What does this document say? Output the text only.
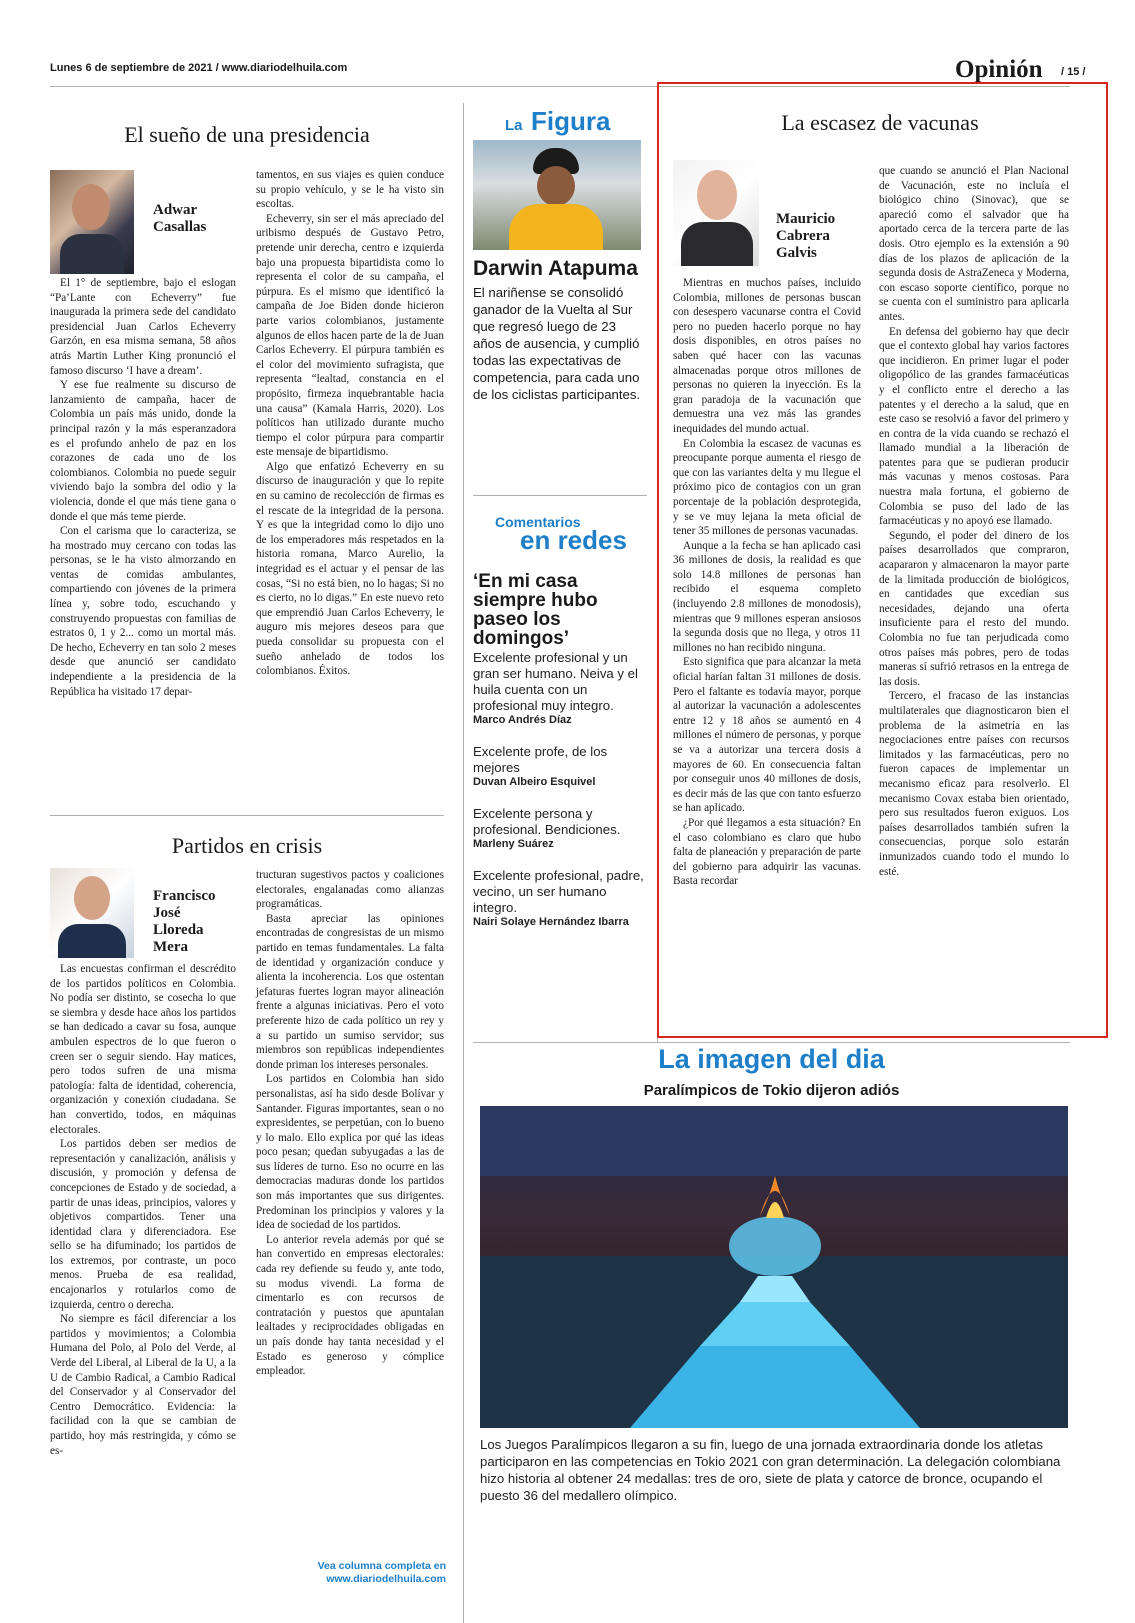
Lunes 6 de septiembre de 2021 / www.diariodelhuila.com	Opinión / 15 /
El sueño de una presidencia
Adwar
Casallas

El 1° de septiembre, bajo el eslogan “Pa’Lante con Echeverry” fue inaugurada la primera sede del candidato presidencial Juan Carlos Echeverry Garzón, en esa misma semana, 58 años atrás Martin Luther King pronunció el famoso discurso ‘I have a dream’.

Y ese fue realmente su discurso de lanzamiento de campaña, hacer de Colombia un país más unido, donde la principal razón y la más esperanzadora es el profundo anhelo de paz en los corazones de cada uno de los colombianos. Colombia no puede seguir viviendo bajo la sombra del odio y la violencia, donde el que más tiene gana o donde el que más teme pierde.

Con el carisma que lo caracteriza, se ha mostrado muy cercano con todas las personas, se le ha visto almorzando en ventas de comidas ambulantes, compartiendo con jóvenes de la primera línea y, sobre todo, escuchando y construyendo propuestas con familias de estratos 0, 1 y 2... como un mortal más. De hecho, Echeverry en tan solo 2 meses desde que anunció ser candidato independiente a la presidencia de la República ha visitado 17 depar-

tamentos, en sus viajes es quien conduce su propio vehículo, y se le ha visto sin escoltas.

Echeverry, sin ser el más apreciado del uribismo después de Gustavo Petro, pretende unir derecha, centro e izquierda bajo una propuesta bipartidista como lo representa el color de su campaña, el púrpura. Es el mismo que identificó la campaña de Joe Biden donde hicieron parte varios colombianos, justamente algunos de ellos hacen parte de la de Juan Carlos Echeverry. El púrpura también es el color del movimiento sufragista, que representa “lealtad, constancia en el propósito, firmeza inquebrantable hacia una causa” (Kamala Harris, 2020). Los políticos han utilizado durante mucho tiempo el color púrpura para compartir este mensaje de bipartidismo.

Algo que enfatizó Echeverry en su discurso de inauguración y que lo repite en su camino de recolección de firmas es el rescate de la integridad de la persona. Y es que la integridad como lo dijo uno de los emperadores más respetados en la historia romana, Marco Aurelio, la integridad es el actuar y el pensar de las cosas, “Si no está bien, no lo hagas; Si no es cierto, no lo digas.” En este nuevo reto que emprendió Juan Carlos Echeverry, le auguro mis mejores deseos para que pueda consolidar su propuesta con el sueño anhelado de todos los colombianos. Éxitos.

Partidos en crisis
Francisco
José
Lloreda
Mera

Las encuestas confirman el descrédito de los partidos políticos en Colombia. No podía ser distinto, se cosecha lo que se siembra y desde hace años los partidos se han dedicado a cavar su fosa, aunque ambulen espectros de lo que fueron o creen ser o seguir siendo. Hay matices, pero todos sufren de una misma patología: falta de identidad, coherencia, organización y conexión ciudadana. Se han convertido, todos, en máquinas electorales.

Los partidos deben ser medios de representación y canalización, análisis y discusión, y promoción y defensa de concepciones de Estado y de sociedad, a partir de unas ideas, principios, valores y objetivos compartidos. Tener una identidad clara y diferenciadora. Ese sello se ha difuminado; los partidos de los extremos, por contraste, un poco menos. Prueba de esa realidad, encajonarlos y rotularlos como de izquierda, centro o derecha.

No siempre es fácil diferenciar a los partidos y movimientos; a Colombia Humana del Polo, al Polo del Verde, al Verde del Liberal, al Liberal de la U, a la U de Cambio Radical, a Cambio Radical del Conservador y al Conservador del Centro Democrático. Evidencia: la facilidad con la que se cambian de partido, hoy más restringida, y cómo se es-

tructuran sugestivos pactos y coaliciones electorales, engalanadas como alianzas programáticas.

Basta apreciar las opiniones encontradas de congresistas de un mismo partido en temas fundamentales. La falta de identidad y organización conduce y alienta la incoherencia. Los que ostentan jefaturas fuertes logran mayor alineación frente a algunas iniciativas. Pero el voto preferente hizo de cada político un rey y a su partido un sumiso servidor; sus miembros son repúblicas independientes donde priman los intereses personales.

Los partidos en Colombia han sido personalistas, así ha sido desde Bolívar y Santander. Figuras importantes, sean o no expresidentes, se perpetúan, con lo bueno y lo malo. Ello explica por qué las ideas poco pesan; quedan subyugadas a las de sus líderes de turno. Eso no ocurre en las democracias maduras donde los partidos son más importantes que sus dirigentes. Predominan los principios y valores y la idea de sociedad de los partidos.

Lo anterior revela además por qué se han convertido en empresas electorales: cada rey defiende su feudo y, ante todo, su modus vivendi. La forma de cimentarlo es con recursos de contratación y puestos que apuntalan lealtades y reciprocidades obligadas en un país donde hay tanta necesidad y el Estado es generoso y cómplice empleador.

Vea columna completa en
www.diariodelhuila.com
La Figura
Darwin Atapuma
El nariñense se consolidó ganador de la Vuelta al Sur que regresó luego de 23 años de ausencia, y cumplió todas las expectativas de competencia, para cada uno de los ciclistas participantes.
Comentarios
en redes
‘En mi casa siempre hubo paseo los domingos’
Excelente profesional y un gran ser humano. Neiva y el huila cuenta con un profesional muy integro.
Marco Andrés Díaz
Excelente profe, de los mejores
Duvan Albeiro Esquivel
Excelente persona y profesional. Bendiciones.
Marleny Suárez
Excelente profesional, padre, vecino, un ser humano integro.
Nairi Solaye Hernández Ibarra
La escasez de vacunas
Mauricio
Cabrera
Galvis

Mientras en muchos países, incluido Colombia, millones de personas buscan con desespero vacunarse contra el Covid pero no pueden hacerlo porque no hay dosis disponibles, en otros países no saben qué hacer con las vacunas almacenadas porque otros millones de personas no quieren la inyección. Es la gran paradoja de la vacunación que demuestra una vez más las grandes inequidades del mundo actual.

En Colombia la escasez de vacunas es preocupante porque aumenta el riesgo de que con las variantes delta y mu llegue el próximo pico de contagios con un gran porcentaje de la población desprotegida, y se ve muy lejana la meta oficial de tener 35 millones de personas vacunadas.

Aunque a la fecha se han aplicado casi 36 millones de dosis, la realidad es que solo 14.8 millones de personas han recibido el esquema completo (incluyendo 2.8 millones de monodosis), mientras que 9 millones esperan ansiosos la segunda dosis que no llega, y otros 11 millones no han recibido ninguna.

Esto significa que para alcanzar la meta oficial harían faltan 31 millones de dosis. Pero el faltante es todavía mayor, porque al autorizar la vacunación a adolescentes entre 12 y 18 años se aumentó en 4 millones el número de personas, y porque se va a autorizar una tercera dosis a mayores de 60. En consecuencia faltan por conseguir unos 40 millones de dosis, es decir más de las que con tanto esfuerzo se han aplicado.

¿Por qué llegamos a esta situación? En el caso colombiano es claro que hubo falta de planeación y preparación de parte del gobierno para adquirir las vacunas. Basta recordar

que cuando se anunció el Plan Nacional de Vacunación, este no incluía el biológico chino (Sinovac), que se apareció como el salvador que ha aportado cerca de la tercera parte de las dosis. Otro ejemplo es la extensión a 90 días de los plazos de aplicación de la segunda dosis de AstraZeneca y Moderna, con escaso soporte científico, porque no se cuenta con el suministro para aplicarla antes.

En defensa del gobierno hay que decir que el contexto global hay varios factores que incidieron. En primer lugar el poder oligopólico de las grandes farmacéuticas y el conflicto entre el derecho a las patentes y el derecho a la salud, que en este caso se resolvió a favor del primero y en contra de la vida cuando se rechazó el llamado mundial a la liberación de patentes para que se pudieran producir más vacunas y menos costosas. Para nuestra mala fortuna, el gobierno de Colombia se puso del lado de las farmacéuticas y no apoyó ese llamado.

Segundo, el poder del dinero de los países desarrollados que compraron, acapararon y almacenaron la mayor parte de la limitada producción de biológicos, en cantidades que excedían sus necesidades, dejando una oferta insuficiente para el resto del mundo. Colombia no fue tan perjudicada como otros países más pobres, pero de todas maneras sí sufrió retrasos en la entrega de las dosis.

Tercero, el fracaso de las instancias multilaterales que diagnosticaron bien el problema de la asimetría en las negociaciones entre países con recursos limitados y las farmacéuticas, pero no fueron capaces de implementar un mecanismo eficaz para resolverlo. El mecanismo Covax estaba bien orientado, pero sus resultados fueron exiguos. Los países desarrollados también sufren la consecuencias, porque solo estarán inmunizados cuando todo el mundo lo esté.

La imagen del dia
Paralímpicos de Tokio dijeron adiós
Los Juegos Paralímpicos llegaron a su fin, luego de una jornada extraordinaria donde los atletas participaron en las competencias en Tokio 2021 con gran determinación. La delegación colombiana hizo historia al obtener 24 medallas: tres de oro, siete de plata y catorce de bronce, ocupando el puesto 36 del medallero olímpico.
